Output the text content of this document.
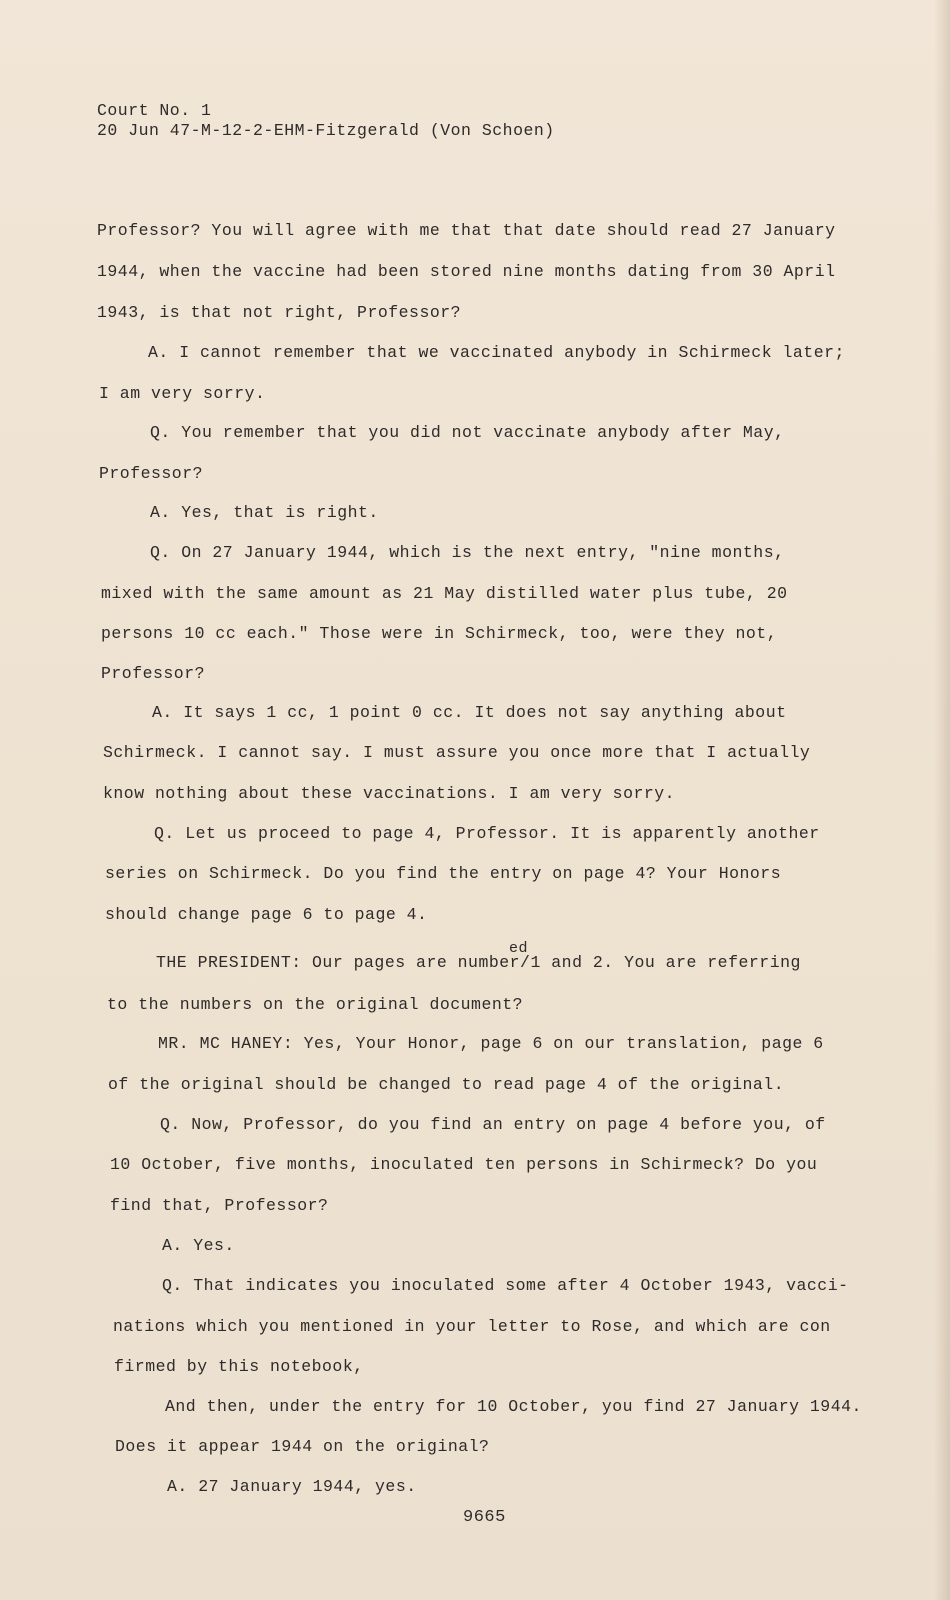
Court No. 1
20 Jun 47-M-12-2-EHM-Fitzgerald (Von Schoen)
Professor? You will agree with me that that date should read 27 January
1944, when the vaccine had been stored nine months dating from 30 April
1943, is that not right, Professor?
A. I cannot remember that we vaccinated anybody in Schirmeck later;
I am very sorry.
Q. You remember that you did not vaccinate anybody after May,
Professor?
A. Yes, that is right.
Q. On 27 January 1944, which is the next entry, "nine months,
mixed with the same amount as 21 May distilled water plus tube, 20
persons 10 cc each." Those were in Schirmeck, too, were they not,
Professor?
A. It says 1 cc, 1 point 0 cc. It does not say anything about
Schirmeck. I cannot say. I must assure you once more that I actually
know nothing about these vaccinations. I am very sorry.
Q. Let us proceed to page 4, Professor. It is apparently another
series on Schirmeck. Do you find the entry on page 4? Your Honors
should change page 6 to page 4.
ed
THE PRESIDENT: Our pages are number/1 and 2. You are referring
to the numbers on the original document?
MR. MC HANEY: Yes, Your Honor, page 6 on our translation, page 6
of the original should be changed to read page 4 of the original.
Q. Now, Professor, do you find an entry on page 4 before you, of
10 October, five months, inoculated ten persons in Schirmeck? Do you
find that, Professor?
A. Yes.
Q. That indicates you inoculated some after 4 October 1943, vacci-
nations which you mentioned in your letter to Rose, and which are con
firmed by this notebook,
And then, under the entry for 10 October, you find 27 January 1944.
Does it appear 1944 on the original?
A. 27 January 1944, yes.
9665
